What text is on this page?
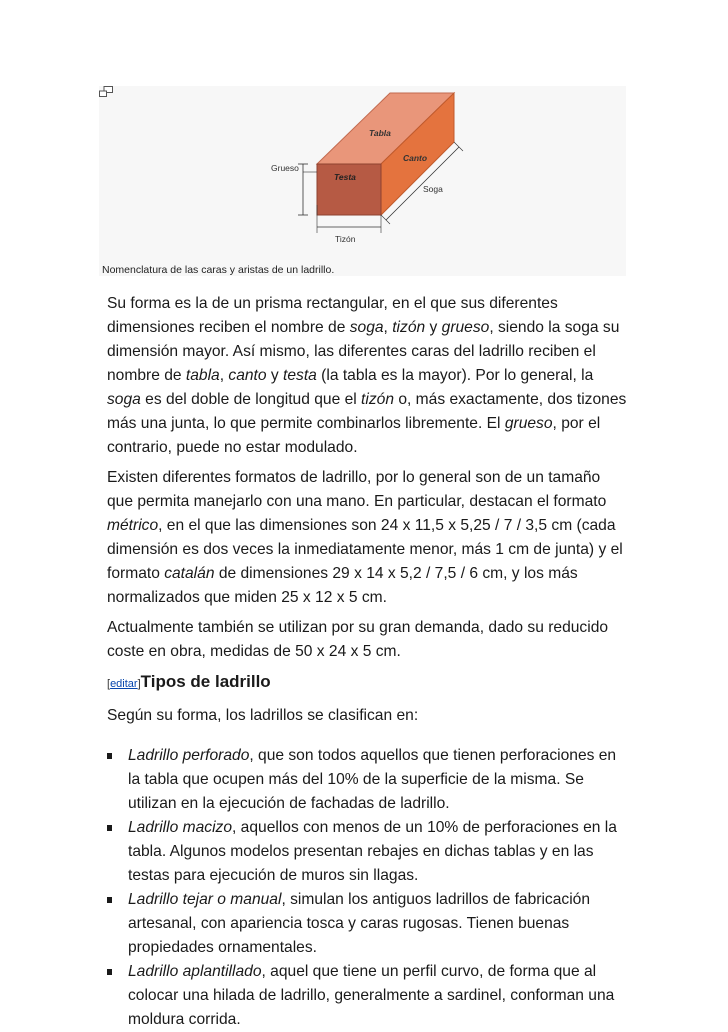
Tabla
Canto
Testa
Grueso
Soga
Tizón
Nomenclatura de las caras y aristas de un ladrillo.

Su forma es la de un prisma rectangular, en el que sus diferentes dimensiones reciben el nombre de soga, tizón y grueso, siendo la soga su dimensión mayor. Así mismo, las diferentes caras del ladrillo reciben el nombre de tabla, canto y testa (la tabla es la mayor). Por lo general, la soga es del doble de longitud que el tizón o, más exactamente, dos tizones más una junta, lo que permite combinarlos libremente. El grueso, por el contrario, puede no estar modulado.

Existen diferentes formatos de ladrillo, por lo general son de un tamaño que permita manejarlo con una mano. En particular, destacan el formato métrico, en el que las dimensiones son 24 x 11,5 x 5,25 / 7 / 3,5 cm (cada dimensión es dos veces la inmediatamente menor, más 1 cm de junta) y el formato catalán de dimensiones 29 x 14 x 5,2 / 7,5 / 6 cm, y los más normalizados que miden 25 x 12 x 5 cm.

Actualmente también se utilizan por su gran demanda, dado su reducido coste en obra, medidas de 50 x 24 x 5 cm.

[editar]Tipos de ladrillo

Según su forma, los ladrillos se clasifican en:

Ladrillo perforado, que son todos aquellos que tienen perforaciones en la tabla que ocupen más del 10% de la superficie de la misma. Se utilizan en la ejecución de fachadas de ladrillo.
Ladrillo macizo, aquellos con menos de un 10% de perforaciones en la tabla. Algunos modelos presentan rebajes en dichas tablas y en las testas para ejecución de muros sin llagas.
Ladrillo tejar o manual, simulan los antiguos ladrillos de fabricación artesanal, con apariencia tosca y caras rugosas. Tienen buenas propiedades ornamentales.
Ladrillo aplantillado, aquel que tiene un perfil curvo, de forma que al colocar una hilada de ladrillo, generalmente a sardinel, conforman una moldura corrida.
